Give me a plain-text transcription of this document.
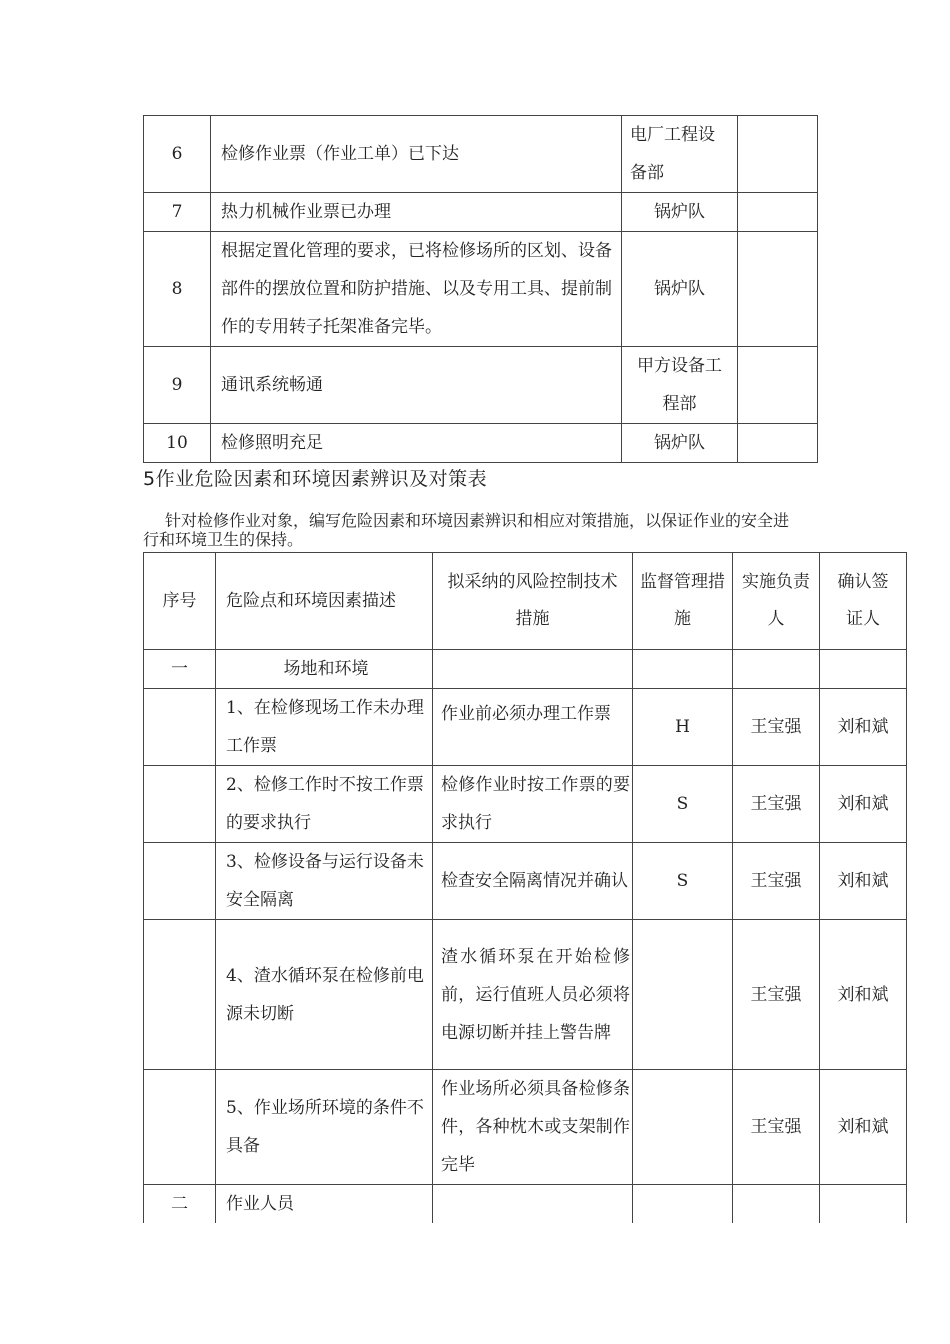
6	检修作业票（作业工单）已下达	电厂工程设备部	
7	热力机械作业票已办理	锅炉队	
8	根据定置化管理的要求，已将检修场所的区划、设备部件的摆放位置和防护措施、以及专用工具、提前制作的专用转子托架准备完毕。	锅炉队	
9	通讯系统畅通	甲方设备工程部	
10	检修照明充足	锅炉队	
5作业危险因素和环境因素辨识及对策表
针对检修作业对象，编写危险因素和环境因素辨识和相应对策措施，以保证作业的安全进行和环境卫生的保持。
序号	危险点和环境因素描述	拟采纳的风险控制技术措施	监督管理措施	实施负责人	确认签证人
一	场地和环境				
	1、在检修现场工作未办理工作票	作业前必须办理工作票	H	王宝强	刘和斌
	2、检修工作时不按工作票的要求执行	检修作业时按工作票的要求执行	S	王宝强	刘和斌
	3、检修设备与运行设备未安全隔离	检查安全隔离情况并确认	S	王宝强	刘和斌
	4、渣水循环泵在检修前电源未切断	渣水循环泵在开始检修前，运行值班人员必须将电源切断并挂上警告牌		王宝强	刘和斌
	5、作业场所环境的条件不具备	作业场所必须具备检修条件，各种枕木或支架制作完毕		王宝强	刘和斌
二	作业人员				
